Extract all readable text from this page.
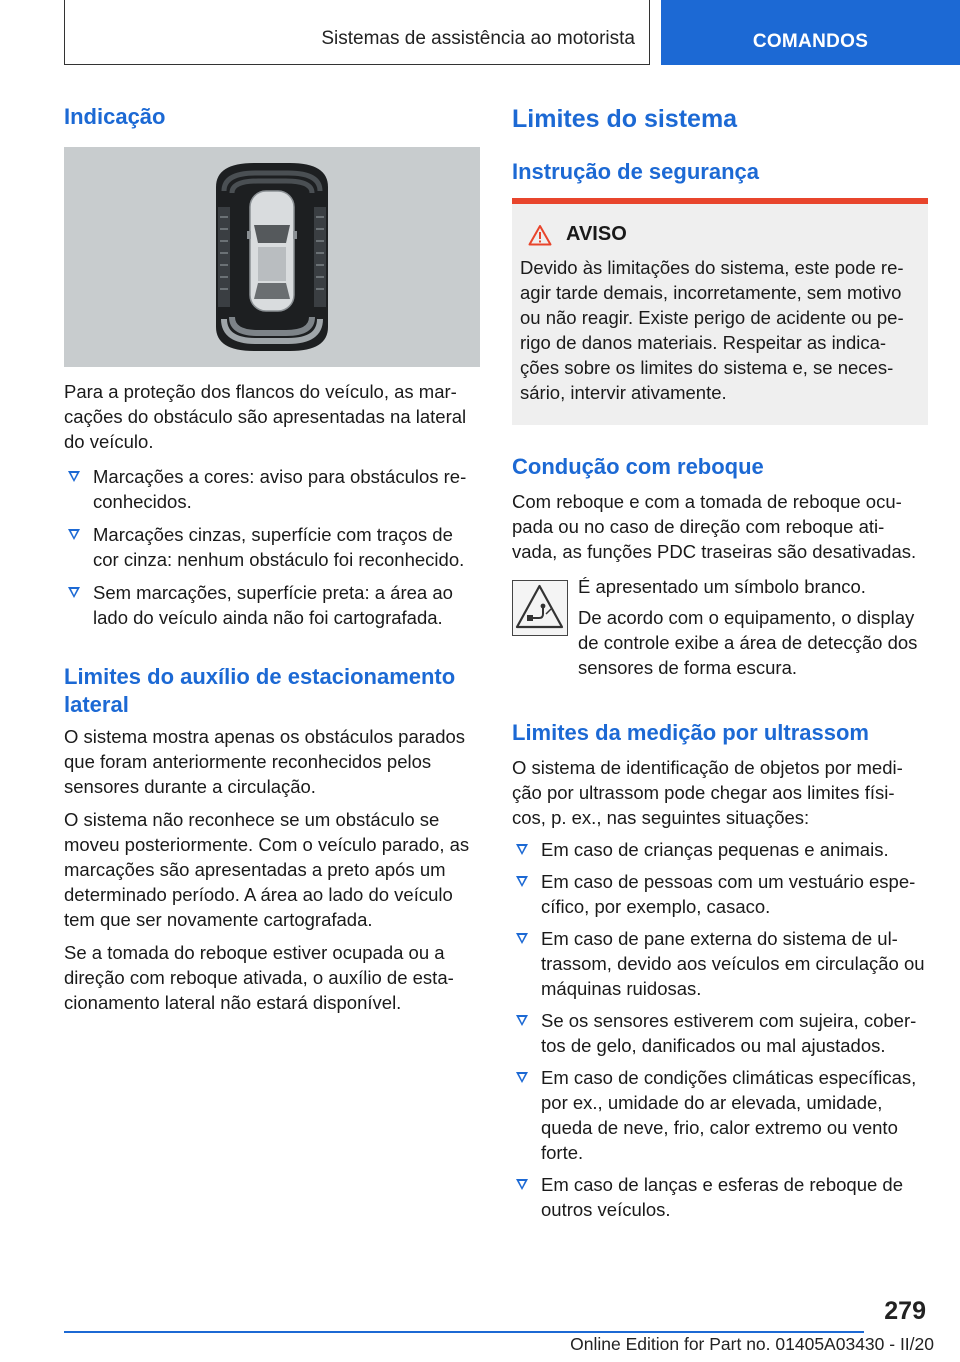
Sistemas de assistência ao motorista	COMANDOS
Indicação

Para a proteção dos flancos do veículo, as mar-cações do obstáculo são apresentadas na lateral do veículo.

Marcações a cores: aviso para obstáculos re-conhecidos.
Marcações cinzas, superfície com traços de cor cinza: nenhum obstáculo foi reconhecido.
Sem marcações, superfície preta: a área ao lado do veículo ainda não foi cartografada.
Limites do auxílio de estacionamento lateral

O sistema mostra apenas os obstáculos parados que foram anteriormente reconhecidos pelos sensores durante a circulação.

O sistema não reconhece se um obstáculo se moveu posteriormente. Com o veículo parado, as marcações são apresentadas a preto após um determinado período. A área ao lado do veículo tem que ser novamente cartografada.

Se a tomada do reboque estiver ocupada ou a direção com reboque ativada, o auxílio de esta-cionamento lateral não estará disponível.

Limites do sistema
Instrução de segurança
AVISO

Devido às limitações do sistema, este pode re-agir tarde demais, incorretamente, sem motivo ou não reagir. Existe perigo de acidente ou pe-rigo de danos materiais. Respeitar as indica-ções sobre os limites do sistema e, se neces-sário, intervir ativamente.

Condução com reboque

Com reboque e com a tomada de reboque ocu-pada ou no caso de direção com reboque ati-vada, as funções PDC traseiras são desativadas.

É apresentado um símbolo branco.

De acordo com o equipamento, o display de controle exibe a área de detecção dos sensores de forma escura.

Limites da medição por ultrassom

O sistema de identificação de objetos por medi-ção por ultrassom pode chegar aos limites físi-cos, p. ex., nas seguintes situações:

Em caso de crianças pequenas e animais.
Em caso de pessoas com um vestuário espe-cífico, por exemplo, casaco.
Em caso de pane externa do sistema de ul-trassom, devido aos veículos em circulação ou máquinas ruidosas.
Se os sensores estiverem com sujeira, cober-tos de gelo, danificados ou mal ajustados.
Em caso de condições climáticas específicas, por ex., umidade do ar elevada, umidade, queda de neve, frio, calor extremo ou vento forte.
Em caso de lanças e esferas de reboque de outros veículos.
279
Online Edition for Part no. 01405A03430 - II/20
